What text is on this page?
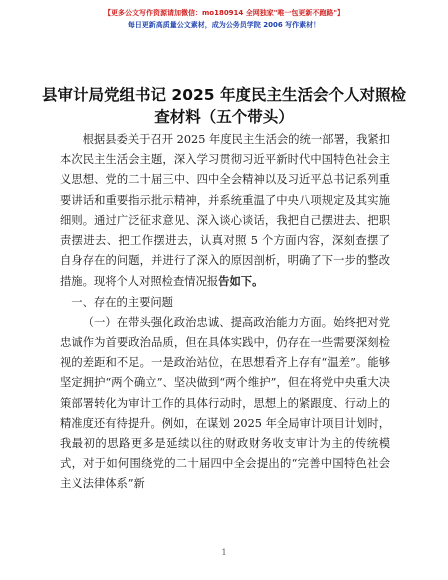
【更多公文写作资源请加微信：mo180914 全网独家"唯一包更新不跑路"】
每日更新高质量公文素材，成为公务员学院 2006 写作素材！
县审计局党组书记 2025 年度民主生活会个人对照检查材料（五个带头）

根据县委关于召开 2025 年度民主生活会的统一部署，我紧扣本次民主生活会主题，深入学习贯彻习近平新时代中国特色社会主义思想、党的二十届三中、四中全会精神以及习近平总书记系列重要讲话和重要指示批示精神，并系统重温了中央八项规定及其实施细则。通过广泛征求意见、深入谈心谈话，我把自己摆进去、把职责摆进去、把工作摆进去，认真对照 5 个方面内容，深刻查摆了自身存在的问题，并进行了深入的原因剖析，明确了下一步的整改措施。现将个人对照检查情况报告如下。

一、存在的主要问题

（一）在带头强化政治忠诚、提高政治能力方面。始终把对党忠诚作为首要政治品质，但在具体实践中，仍存在一些需要深刻检视的差距和不足。一是政治站位，在思想看齐上存有“温差”。能够坚定拥护“两个确立”、坚决做到“两个维护”，但在将党中央重大决策部署转化为审计工作的具体行动时，思想上的紧跟度、行动上的精准度还有待提升。例如，在谋划 2025 年全局审计项目计划时，我最初的思路更多是延续以往的财政财务收支审计为主的传统模式，对于如何围绕党的二十届四中全会提出的“完善中国特色社会主义法律体系”新

1
